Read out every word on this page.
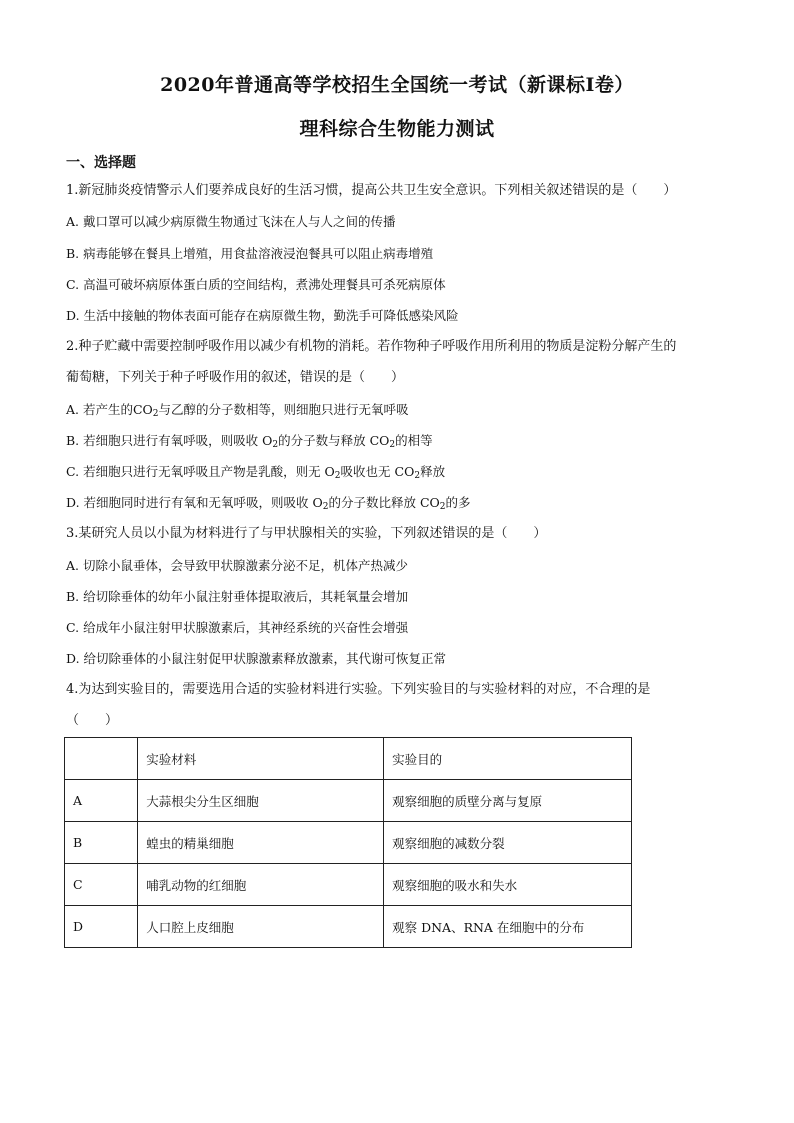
2020年普通高等学校招生全国统一考试（新课标Ⅰ卷）
理科综合生物能力测试
一、选择题
1.新冠肺炎疫情警示人们要养成良好的生活习惯，提高公共卫生安全意识。下列相关叙述错误的是（　　）
A. 戴口罩可以减少病原微生物通过飞沫在人与人之间的传播
B. 病毒能够在餐具上增殖，用食盐溶液浸泡餐具可以阻止病毒增殖
C. 高温可破坏病原体蛋白质的空间结构，煮沸处理餐具可杀死病原体
D. 生活中接触的物体表面可能存在病原微生物，勤洗手可降低感染风险
2.种子贮藏中需要控制呼吸作用以减少有机物的消耗。若作物种子呼吸作用所利用的物质是淀粉分解产生的
葡萄糖，下列关于种子呼吸作用的叙述，错误的是（　　）
A. 若产生的$CO_2$与乙醇的分子数相等，则细胞只进行无氧呼吸
B. 若细胞只进行有氧呼吸，则吸收 $O_2$的分子数与释放 $CO_2$的相等
C. 若细胞只进行无氧呼吸且产物是乳酸，则无 $O_2$吸收也无 $CO_2$释放
D. 若细胞同时进行有氧和无氧呼吸，则吸收 $O_2$的分子数比释放 $CO_2$的多
3.某研究人员以小鼠为材料进行了与甲状腺相关的实验，下列叙述错误的是（　　）
A. 切除小鼠垂体，会导致甲状腺激素分泌不足，机体产热减少
B. 给切除垂体的幼年小鼠注射垂体提取液后，其耗氧量会增加
C. 给成年小鼠注射甲状腺激素后，其神经系统的兴奋性会增强
D. 给切除垂体的小鼠注射促甲状腺激素释放激素，其代谢可恢复正常
4.为达到实验目的，需要选用合适的实验材料进行实验。下列实验目的与实验材料的对应，不合理的是
（　　）
	实验材料	实验目的
A	大蒜根尖分生区细胞	观察细胞的质壁分离与复原
B	蝗虫的精巢细胞	观察细胞的减数分裂
C	哺乳动物的红细胞	观察细胞的吸水和失水
D	人口腔上皮细胞	观察 DNA、RNA 在细胞中的分布
